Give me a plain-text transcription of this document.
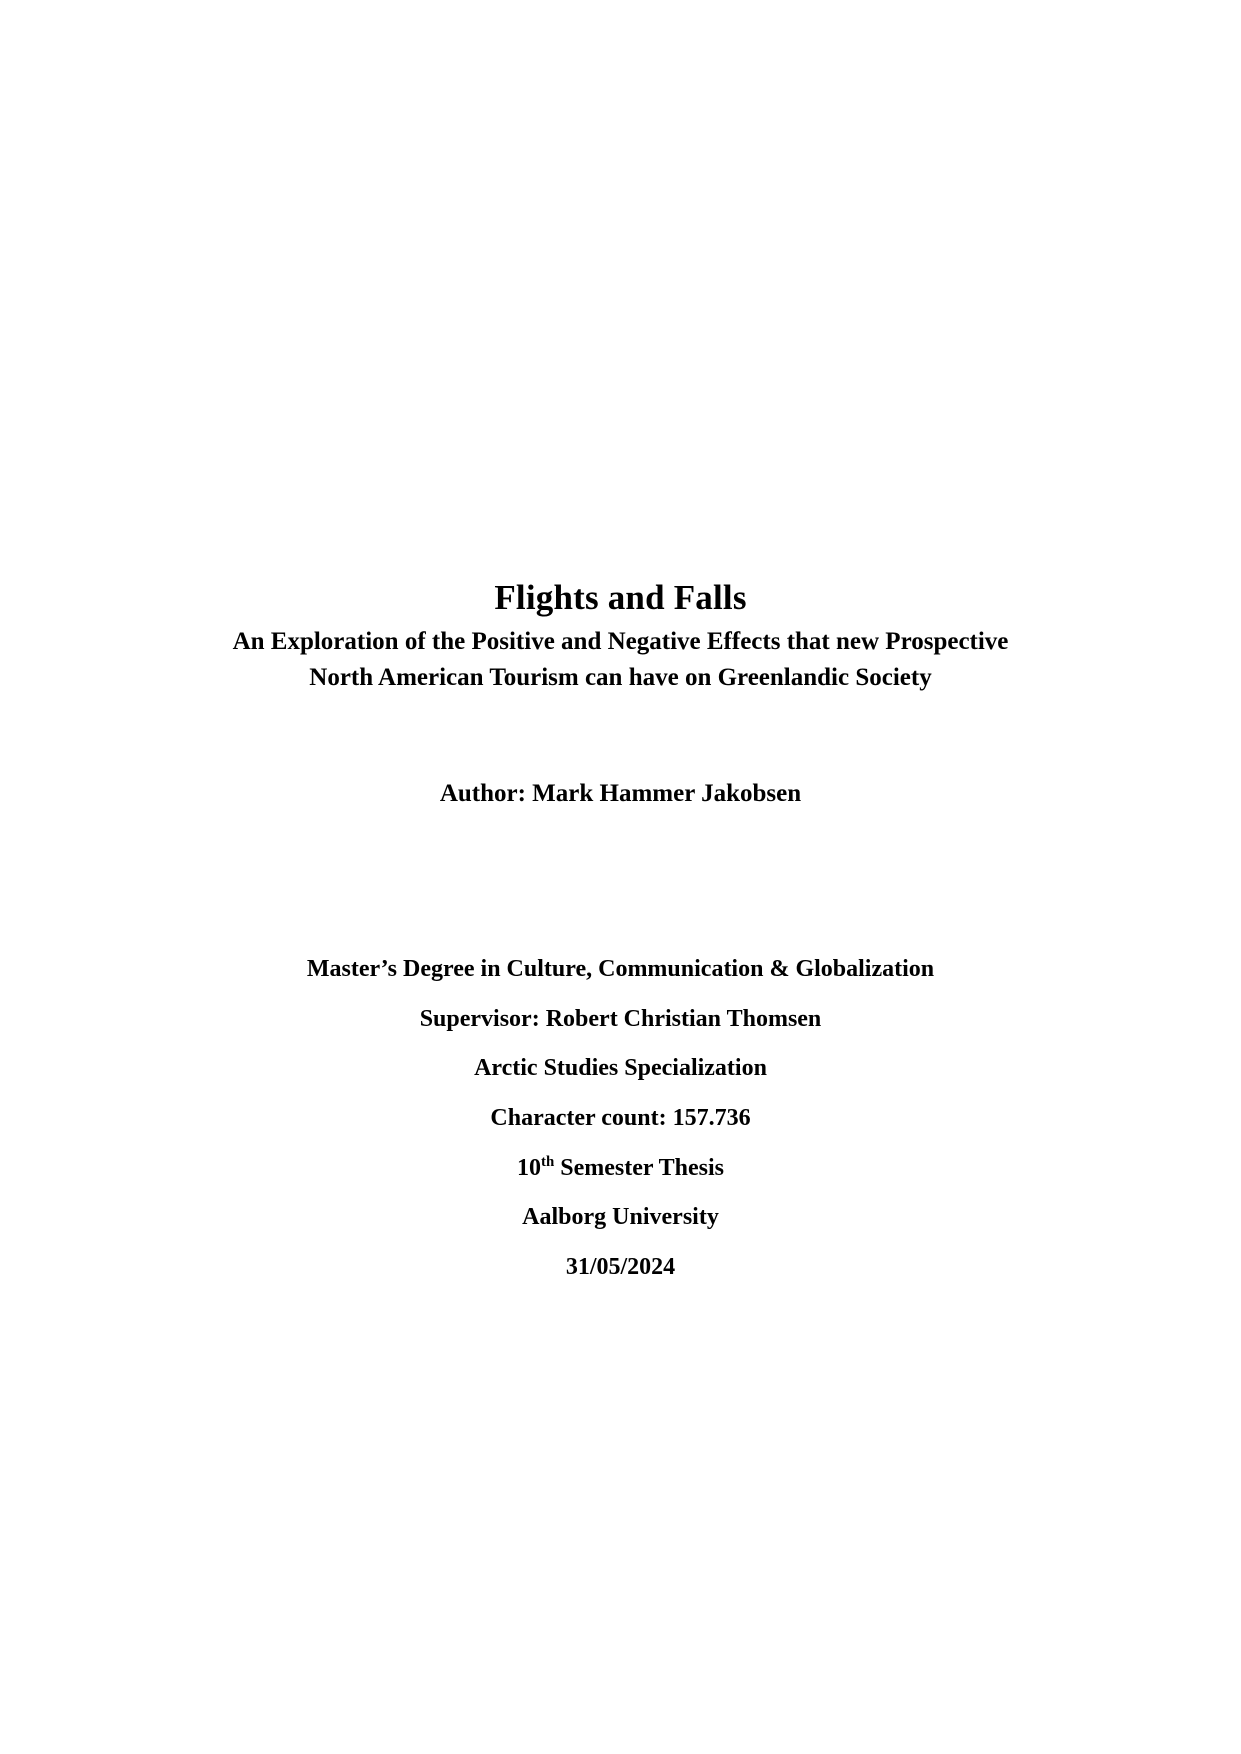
Flights and Falls
An Exploration of the Positive and Negative Effects that new Prospective
North American Tourism can have on Greenlandic Society

Author: Mark Hammer Jakobsen

Master’s Degree in Culture, Communication & Globalization

Supervisor: Robert Christian Thomsen

Arctic Studies Specialization

Character count: 157.736

10th Semester Thesis

Aalborg University

31/05/2024
